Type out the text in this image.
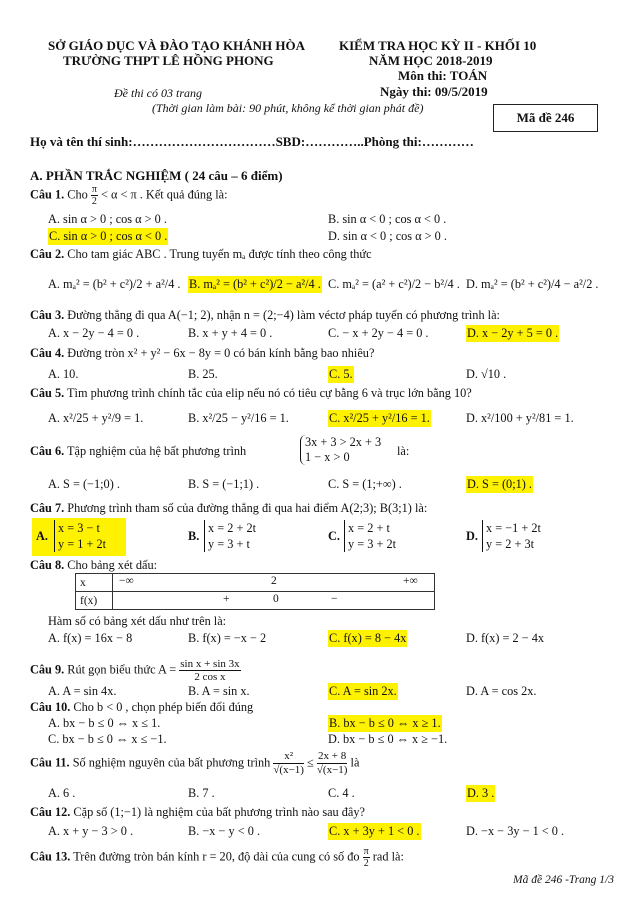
SỞ GIÁO DỤC VÀ ĐÀO TẠO KHÁNH HÒA
TRƯỜNG THPT LÊ HỒNG PHONG
KIỂM TRA HỌC KỲ II - KHỐI 10
NĂM HỌC 2018-2019
Môn thi: TOÁN
Ngày thi: 09/5/2019
Đề thi có 03 trang
(Thời gian làm bài: 90 phút, không kể thời gian phát đề)
Mã đề 246
Họ và tên thí sinh:……………………………SBD:…………..Phòng thi:…………
A. PHẦN TRẮC NGHIỆM ( 24 câu – 6 điểm)
Câu 1. Cho $\frac{\pi}{2} < \alpha < \pi$ . Kết quả đúng là:
A. sin α > 0 ; cos α > 0 .	B. sin α < 0 ; cos α < 0 .
C. sin α > 0 ; cos α < 0 .	D. sin α < 0 ; cos α > 0 .
Câu 2. Cho tam giác ABC . Trung tuyến mₐ được tính theo công thức
A. mₐ² = (b² + c²)/2 + a²/4 . B. mₐ² = (b² + c²)/2 − a²/4 . C. mₐ² = (a² + c²)/2 − b²/4 . D. mₐ² = (b² + c²)/4 − a²/2 .
Câu 3. Đường thẳng đi qua A(−1; 2), nhận n = (2;−4) làm véctơ pháp tuyến có phương trình là:
A. x − 2y − 4 = 0 .	B. x + y + 4 = 0 .	C. − x + 2y − 4 = 0 .	D. x − 2y + 5 = 0 .
Câu 4. Đường tròn x² + y² − 6x − 8y = 0 có bán kính bằng bao nhiêu?
A. 10.	B. 25.	C. 5.	D. √10 .
Câu 5. Tìm phương trình chính tắc của elip nếu nó có tiêu cự bằng 6 và trục lớn bằng 10?
A. x²/25 + y²/9 = 1.	B. x²/25 − y²/16 = 1.	C. x²/25 + y²/16 = 1.	D. x²/100 + y²/81 = 1.
Câu 6. Tập nghiệm của hệ bất phương trình
3x + 3 > 2x + 3
1 − x > 0	là:
A. S = (−1;0) .	B. S = (−1;1) .	C. S = (1;+∞) .	D. S = (0;1) .
Câu 7. Phương trình tham số của đường thẳng đi qua hai điểm A(2;3); B(3;1) là:
A.
x = 3 − t
y = 1 + 2t
B.
x = 2 + 2t
y = 3 + t
C.
x = 2 + t
y = 3 + 2t
D.
x = −1 + 2t
y = 2 + 3t
Câu 8. Cho bảng xét dấu:
x	−∞ 2 +∞

f(x)	+ 0 −
Hàm số có bảng xét dấu như trên là:
A. f(x) = 16x − 8	B. f(x) = −x − 2	C. f(x) = 8 − 4x	D. f(x) = 2 − 4x
Câu 9. Rút gọn biểu thức $A = \frac{\text{sin x + sin 3x}}{\text{2 cos x}}$
A. A = sin 4x.	B. A = sin x.	C. A = sin 2x.	D. A = cos 2x.
Câu 10. Cho b < 0 , chọn phép biến đổi đúng
A. bx − b ≤ 0 ⇔ x ≤ 1.	B. bx − b ≤ 0 ⇔ x ≥ 1.
C. bx − b ≤ 0 ⇔ x ≤ −1.	D. bx − b ≤ 0 ⇔ x ≥ −1.
Câu 11. Số nghiệm nguyên của bất phương trình $\frac{\text{x²}}{√(x-1)} \le \frac{2x + 8}{√(x-1)}$ là
A. 6 .	B. 7 .	C. 4 .	D. 3 .
Câu 12. Cặp số (1;−1) là nghiệm của bất phương trình nào sau đây?
A. x + y − 3 > 0 .	B. −x − y < 0 .	C. x + 3y + 1 < 0 .	D. −x − 3y − 1 < 0 .
Câu 13. Trên đường tròn bán kính r = 20, độ dài của cung có số đo $\frac{\pi}{2}$ rad là:
Mã đề 246 -Trang 1/3
